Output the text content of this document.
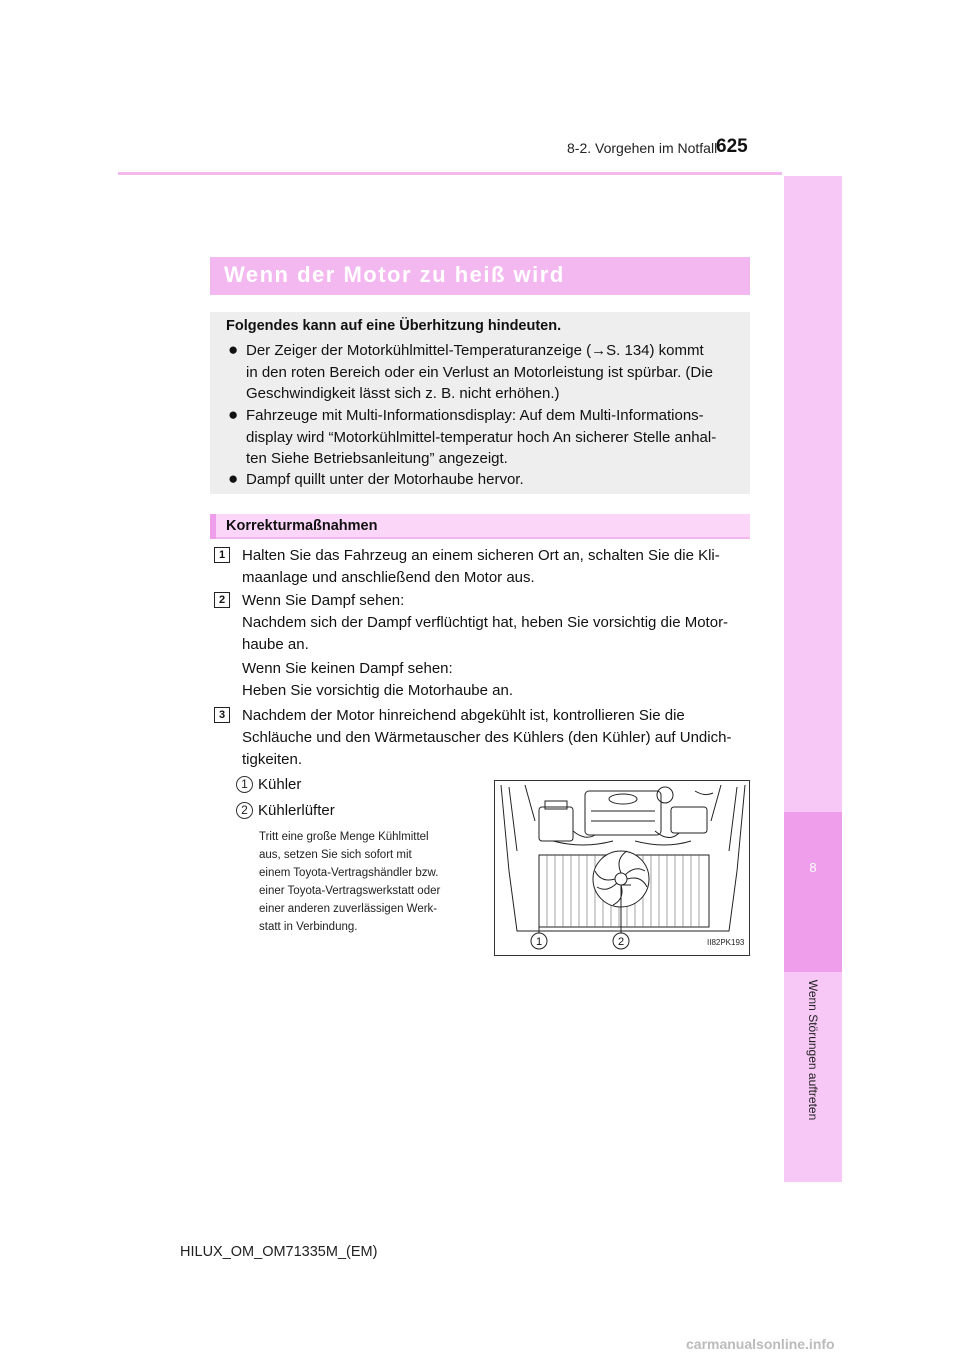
8-2. Vorgehen im Notfall
625
8
Wenn Störungen auftreten
Wenn der Motor zu heiß wird
Folgendes kann auf eine Überhitzung hindeuten.
● Der Zeiger der Motorkühlmittel-Temperaturanzeige (→S. 134) kommt
in den roten Bereich oder ein Verlust an Motorleistung ist spürbar. (Die
Geschwindigkeit lässt sich z. B. nicht erhöhen.)
● Fahrzeuge mit Multi-Informationsdisplay: Auf dem Multi-Informations-
display wird “Motorkühlmittel-temperatur hoch An sicherer Stelle anhal-
ten Siehe Betriebsanleitung” angezeigt.
● Dampf quillt unter der Motorhaube hervor.
Korrekturmaßnahmen
1	Halten Sie das Fahrzeug an einem sicheren Ort an, schalten Sie die Kli-
maanlage und anschließend den Motor aus.
2	Wenn Sie Dampf sehen:
Nachdem sich der Dampf verflüchtigt hat, heben Sie vorsichtig die Motor-
haube an.
Wenn Sie keinen Dampf sehen:
Heben Sie vorsichtig die Motorhaube an.
3	Nachdem der Motor hinreichend abgekühlt ist, kontrollieren Sie die
Schläuche und den Wärmetauscher des Kühlers (den Kühler) auf Undich-
tigkeiten.
1 Kühler
2 Kühlerlüfter
Tritt eine große Menge Kühlmittel
aus, setzen Sie sich sofort mit
einem Toyota-Vertragshändler bzw.
einer Toyota-Vertragswerkstatt oder
einer anderen zuverlässigen Werk-
statt in Verbindung.
1	2	II82PK193
HILUX_OM_OM71335M_(EM)
carmanualsonline.info
